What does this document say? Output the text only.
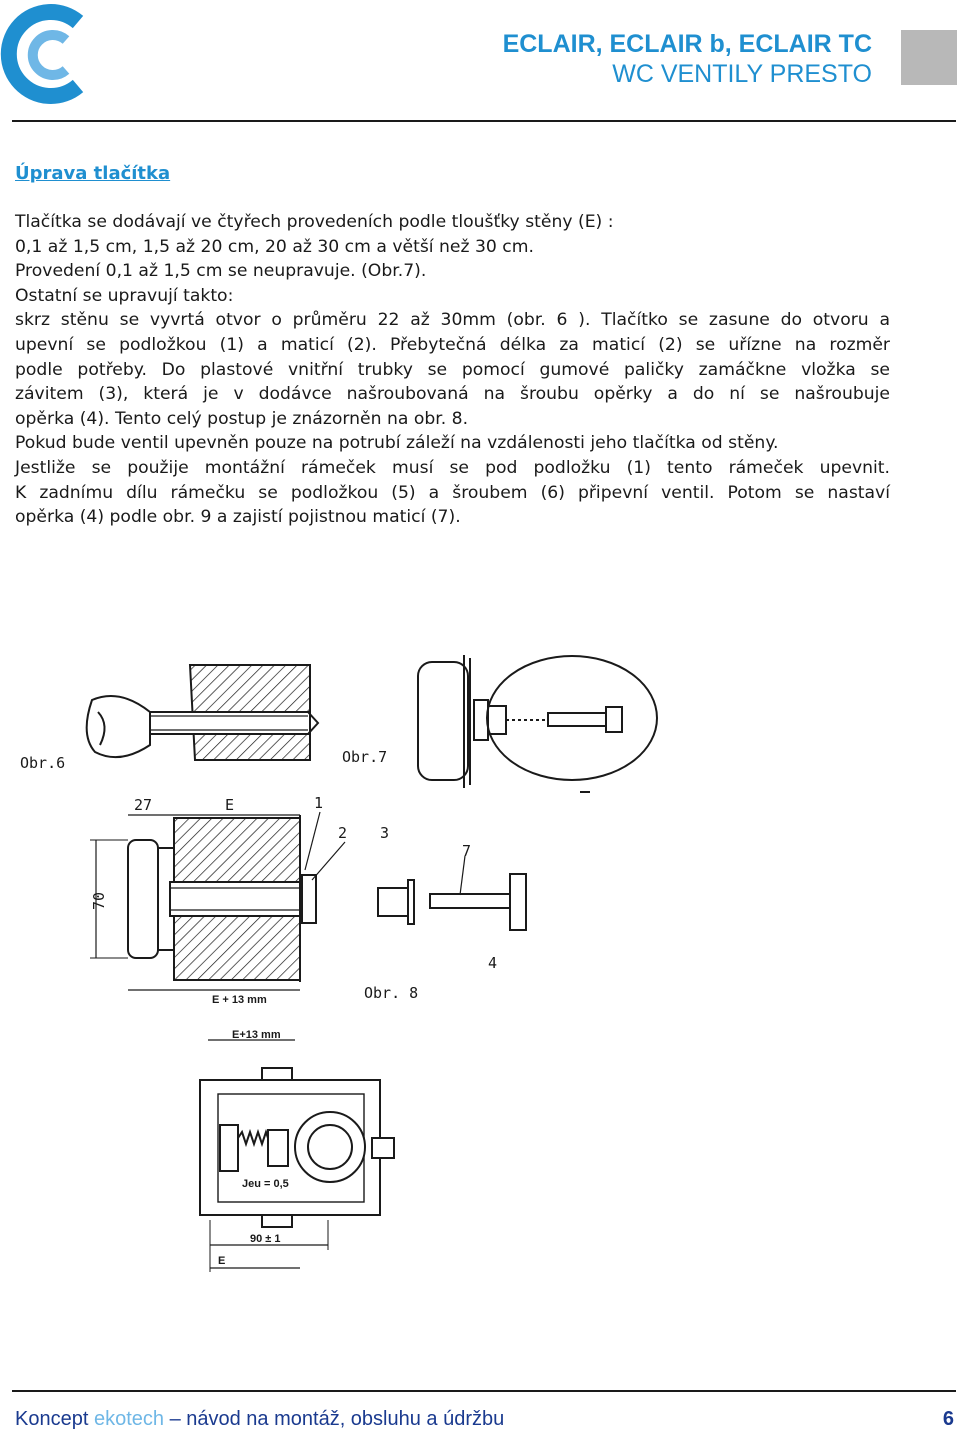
ECLAIR, ECLAIR b, ECLAIR TC
WC VENTILY PRESTO
Úprava tlačítka

Tlačítka se dodávají ve čtyřech provedeních podle tloušťky stěny (E) :

0,1 až 1,5 cm, 1,5 až 20 cm, 20 až 30 cm a větší než 30 cm.

Provedení 0,1 až 1,5 cm se neupravuje. (Obr.7).

Ostatní se upravují takto:

skrz stěnu se vyvrtá otvor o průměru 22 až 30mm (obr. 6 ). Tlačítko se zasune do otvoru a

upevní se podložkou (1) a maticí (2). Přebytečná délka za maticí (2) se uřízne na rozměr

podle potřeby. Do plastové vnitřní trubky se pomocí gumové paličky zamáčkne vložka se

závitem (3), která je v dodávce našroubovaná na šroubu opěrky a do ní se našroubuje

opěrka (4). Tento celý postup je znázorněn na obr. 8.

Pokud bude ventil upevněn pouze na potrubí záleží na vzdálenosti jeho tlačítka od stěny.

Jestliže se použije montážní rámeček musí se pod podložku (1) tento rámeček upevnit.

K zadnímu dílu rámečku se podložkou (5) a šroubem (6) připevní ventil. Potom se nastaví

opěrka (4) podle obr. 9 a zajistí pojistnou maticí (7).

Obr.6	Obr.7
27	E	1
2 3
7
4
70
E + 13 mm	Obr. 8
E+13 mm
Jeu = 0,5
90 ± 1
E
Koncept ekotech – návod na montáž, obsluhu a údržbu	6
